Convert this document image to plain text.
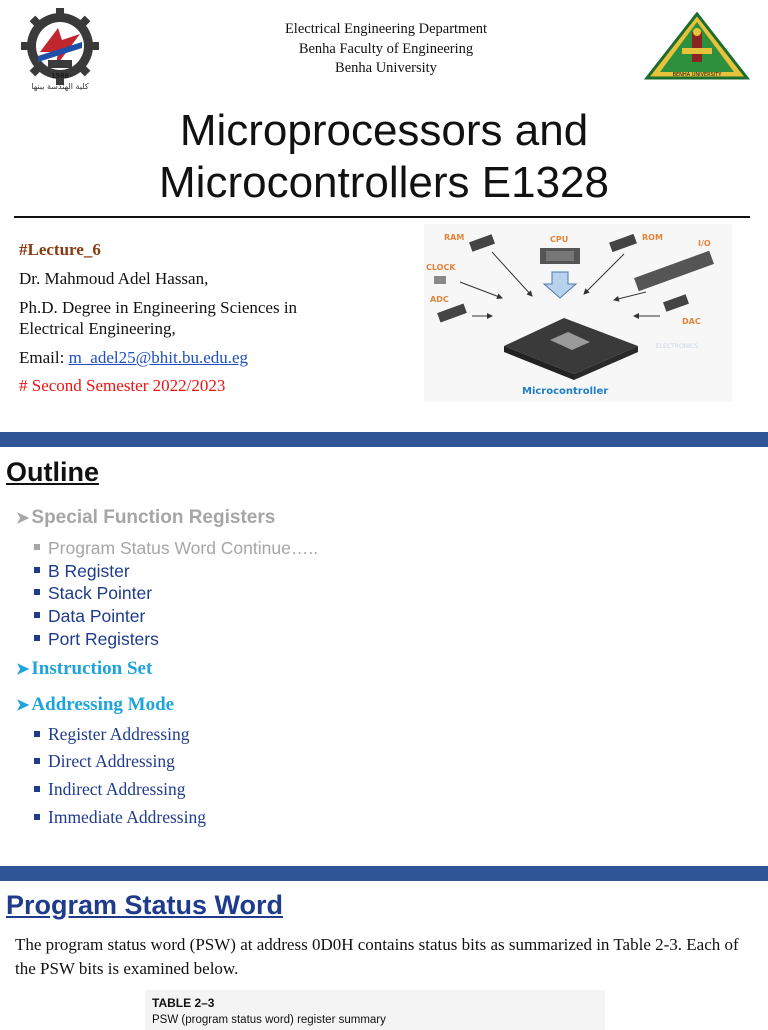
1988
كلية الهندسة ببنها
Electrical Engineering Department
Benha Faculty of Engineering
Benha University	BENHA UNIVERSITY
Microprocessors and
Microcontrollers E1328
#Lecture_6
Dr. Mahmoud Adel Hassan,
Ph.D. Degree in Engineering Sciences in Electrical Engineering,
Email: m_adel25@bhit.bu.edu.eg
# Second Semester 2022/2023
RAM	CPU	ROM
I/O
CLOCK
ADC
DAC
ELECTRONICS
Microcontroller
Outline
➤ Special Function Registers
Program Status Word Continue…..
B Register
Stack Pointer
Data Pointer
Port Registers
➤ Instruction Set
➤ Addressing Mode
Register Addressing
Direct Addressing
Indirect Addressing
Immediate Addressing
Program Status Word
The program status word (PSW) at address 0D0H contains status bits as summarized in Table 2-3. Each of the PSW bits is examined below.
TABLE 2–3
PSW (program status word) register summary
